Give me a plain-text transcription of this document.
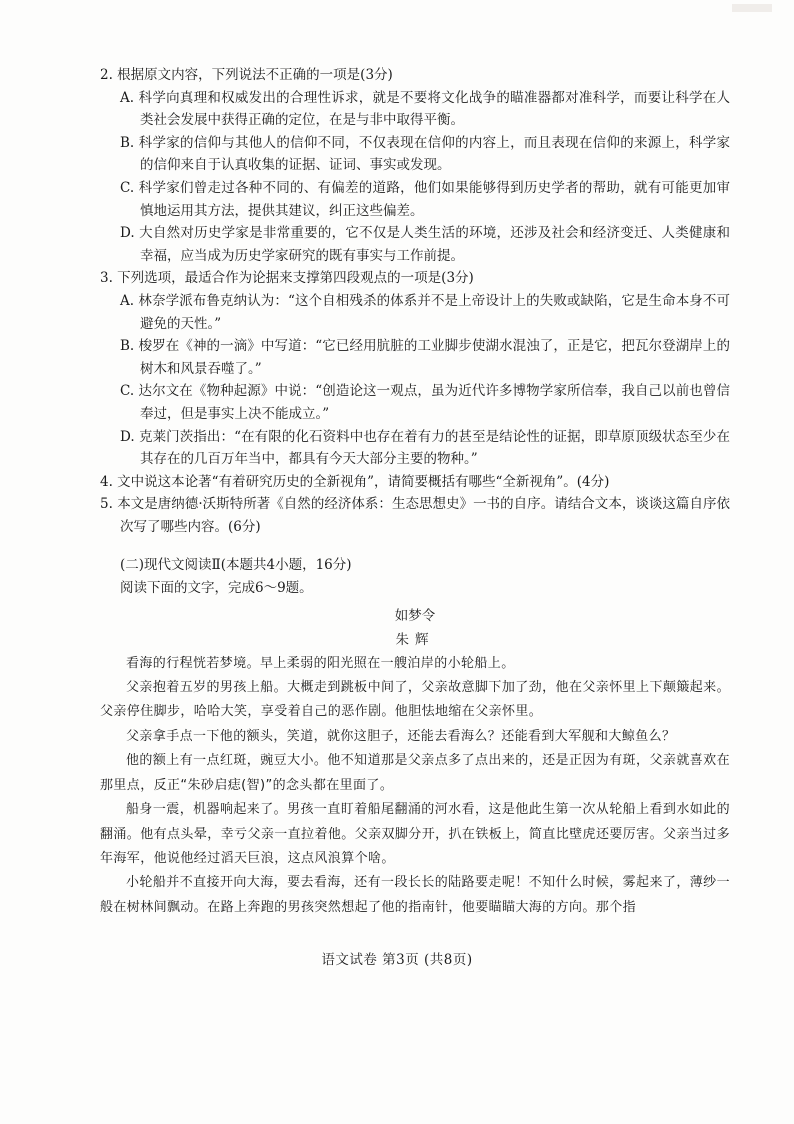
2. 根据原文内容，下列说法不正确的一项是(3分)

A. 科学向真理和权威发出的合理性诉求，就是不要将文化战争的瞄准器都对准科学，而要让科学在人类社会发展中获得正确的定位，在是与非中取得平衡。

B. 科学家的信仰与其他人的信仰不同，不仅表现在信仰的内容上，而且表现在信仰的来源上，科学家的信仰来自于认真收集的证据、证词、事实或发现。

C. 科学家们曾走过各种不同的、有偏差的道路，他们如果能够得到历史学者的帮助，就有可能更加审慎地运用其方法，提供其建议，纠正这些偏差。

D. 大自然对历史学家是非常重要的，它不仅是人类生活的环境，还涉及社会和经济变迁、人类健康和幸福，应当成为历史学家研究的既有事实与工作前提。

3. 下列选项，最适合作为论据来支撑第四段观点的一项是(3分)

A. 林奈学派布鲁克纳认为：“这个自相残杀的体系并不是上帝设计上的失败或缺陷，它是生命本身不可避免的天性。”

B. 梭罗在《神的一滴》中写道：“它已经用肮脏的工业脚步使湖水混浊了，正是它，把瓦尔登湖岸上的树木和风景吞噬了。”

C. 达尔文在《物种起源》中说：“创造论这一观点，虽为近代许多博物学家所信奉，我自己以前也曾信奉过，但是事实上决不能成立。”

D. 克莱门茨指出：“在有限的化石资料中也存在着有力的甚至是结论性的证据，即草原顶级状态至少在其存在的几百万年当中，都具有今天大部分主要的物种。”

4. 文中说这本论著“有着研究历史的全新视角”，请简要概括有哪些“全新视角”。(4分)

5. 本文是唐纳德·沃斯特所著《自然的经济体系：生态思想史》一书的自序。请结合文本，谈谈这篇自序依次写了哪些内容。(6分)

(二)现代文阅读Ⅱ(本题共4小题，16分)

阅读下面的文字，完成6～9题。

如梦令

朱辉

看海的行程恍若梦境。早上柔弱的阳光照在一艘泊岸的小轮船上。

父亲抱着五岁的男孩上船。大概走到跳板中间了，父亲故意脚下加了劲，他在父亲怀里上下颠簸起来。父亲停住脚步，哈哈大笑，享受着自己的恶作剧。他胆怯地缩在父亲怀里。

父亲拿手点一下他的额头，笑道，就你这胆子，还能去看海么？还能看到大军舰和大鲸鱼么？

他的额上有一点红斑，豌豆大小。他不知道那是父亲点多了点出来的，还是正因为有斑，父亲就喜欢在那里点，反正“朱砂启痣(智)”的念头都在里面了。

船身一震，机器响起来了。男孩一直盯着船尾翻涌的河水看，这是他此生第一次从轮船上看到水如此的翻涌。他有点头晕，幸亏父亲一直拉着他。父亲双脚分开，扒在铁板上，简直比壁虎还要厉害。父亲当过多年海军，他说他经过滔天巨浪，这点风浪算个啥。

小轮船并不直接开向大海，要去看海，还有一段长长的陆路要走呢！不知什么时候，雾起来了，薄纱一般在树林间飘动。在路上奔跑的男孩突然想起了他的指南针，他要瞄瞄大海的方向。那个指

语文试卷 第3页 (共8页)
